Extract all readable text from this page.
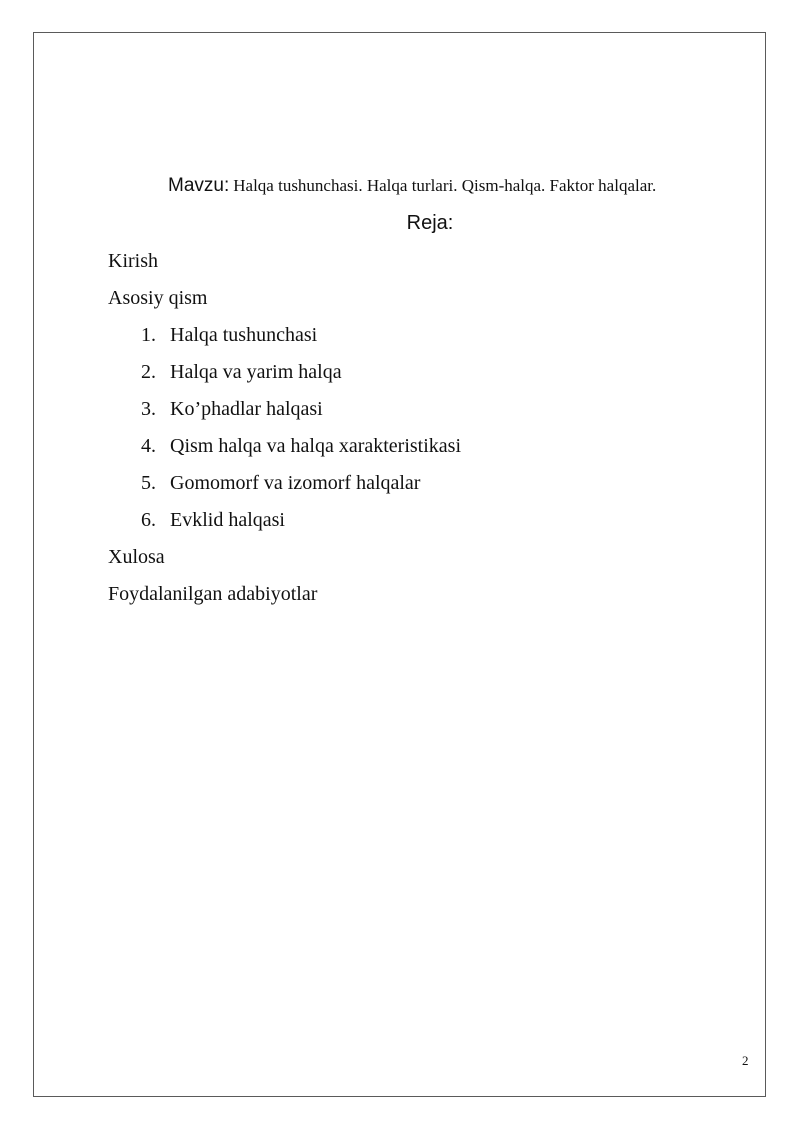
Mavzu: Halqa tushunchasi. Halqa turlari. Qism-halqa. Faktor halqalar.
Reja:
Kirish
Asosiy qism
1. Halqa tushunchasi
2. Halqa va yarim halqa
3. Ko’phadlar halqasi
4. Qism halqa va halqa xarakteristikasi
5. Gomomorf va izomorf halqalar
6. Evklid halqasi
Xulosa
Foydalanilgan adabiyotlar
2
